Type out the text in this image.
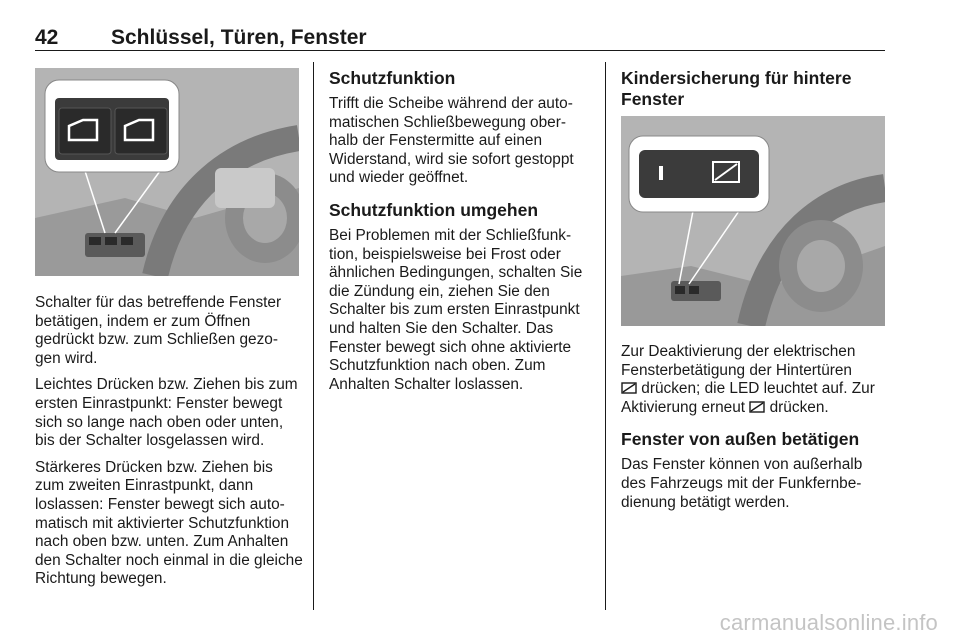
42	Schlüssel, Türen, Fenster

Schalter für das betreffende Fenster betätigen, indem er zum Öffnen gedrückt bzw. zum Schließen gezo- gen wird.

Leichtes Drücken bzw. Ziehen bis zum ersten Einrastpunkt: Fenster bewegt sich so lange nach oben oder unten, bis der Schalter losgelassen wird.

Stärkeres Drücken bzw. Ziehen bis zum zweiten Einrastpunkt, dann loslassen: Fenster bewegt sich auto- matisch mit aktivierter Schutzfunktion nach oben bzw. unten. Zum Anhalten den Schalter noch einmal in die gleiche Richtung bewegen.

Schutzfunktion

Trifft die Scheibe während der auto- matischen Schließbewegung ober- halb der Fenstermitte auf einen Widerstand, wird sie sofort gestoppt und wieder geöffnet.

Schutzfunktion umgehen

Bei Problemen mit der Schließfunk- tion, beispielsweise bei Frost oder ähnlichen Bedingungen, schalten Sie die Zündung ein, ziehen Sie den Schalter bis zum ersten Einrastpunkt und halten Sie den Schalter. Das Fenster bewegt sich ohne aktivierte Schutzfunktion nach oben. Zum Anhalten Schalter loslassen.

Kindersicherung für hintere Fenster

Zur Deaktivierung der elektrischen Fensterbetätigung der Hintertüren
drücken; die LED leuchtet auf. Zur Aktivierung erneut drücken.

Fenster von außen betätigen

Das Fenster können von außerhalb des Fahrzeugs mit der Funkfernbe- dienung betätigt werden.

carmanualsonline.info
